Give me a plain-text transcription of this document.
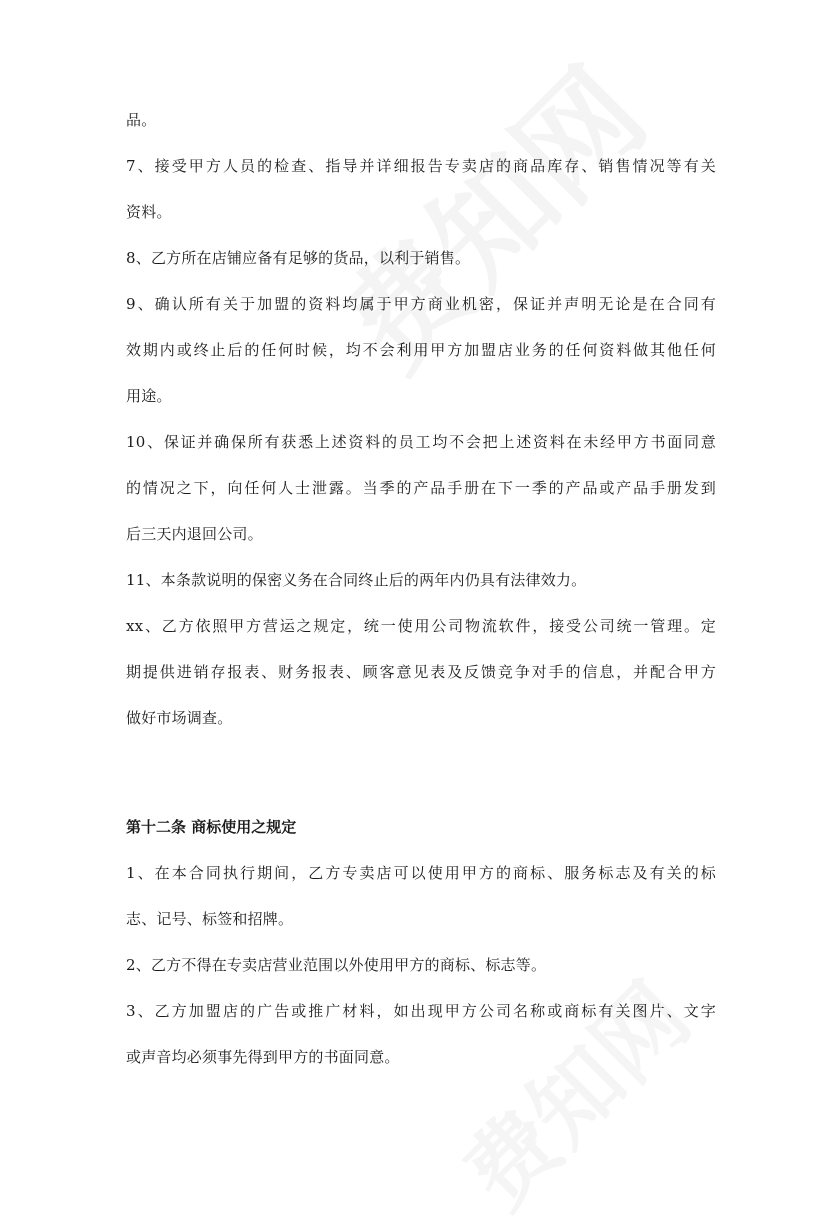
品。
7、接受甲方人员的检查、指导并详细报告专卖店的商品库存、销售情况等有关
资料。
8、乙方所在店铺应备有足够的货品，以利于销售。
9、确认所有关于加盟的资料均属于甲方商业机密，保证并声明无论是在合同有
效期内或终止后的任何时候，均不会利用甲方加盟店业务的任何资料做其他任何
用途。
10、保证并确保所有获悉上述资料的员工均不会把上述资料在未经甲方书面同意
的情况之下，向任何人士泄露。当季的产品手册在下一季的产品或产品手册发到
后三天内退回公司。
11、本条款说明的保密义务在合同终止后的两年内仍具有法律效力。
xx、乙方依照甲方营运之规定，统一使用公司物流软件，接受公司统一管理。定
期提供进销存报表、财务报表、顾客意见表及反馈竞争对手的信息，并配合甲方
做好市场调查。
第十二条 商标使用之规定
1、在本合同执行期间，乙方专卖店可以使用甲方的商标、服务标志及有关的标
志、记号、标签和招牌。
2、乙方不得在专卖店营业范围以外使用甲方的商标、标志等。
3、乙方加盟店的广告或推广材料，如出现甲方公司名称或商标有关图片、文字
或声音均必须事先得到甲方的书面同意。
